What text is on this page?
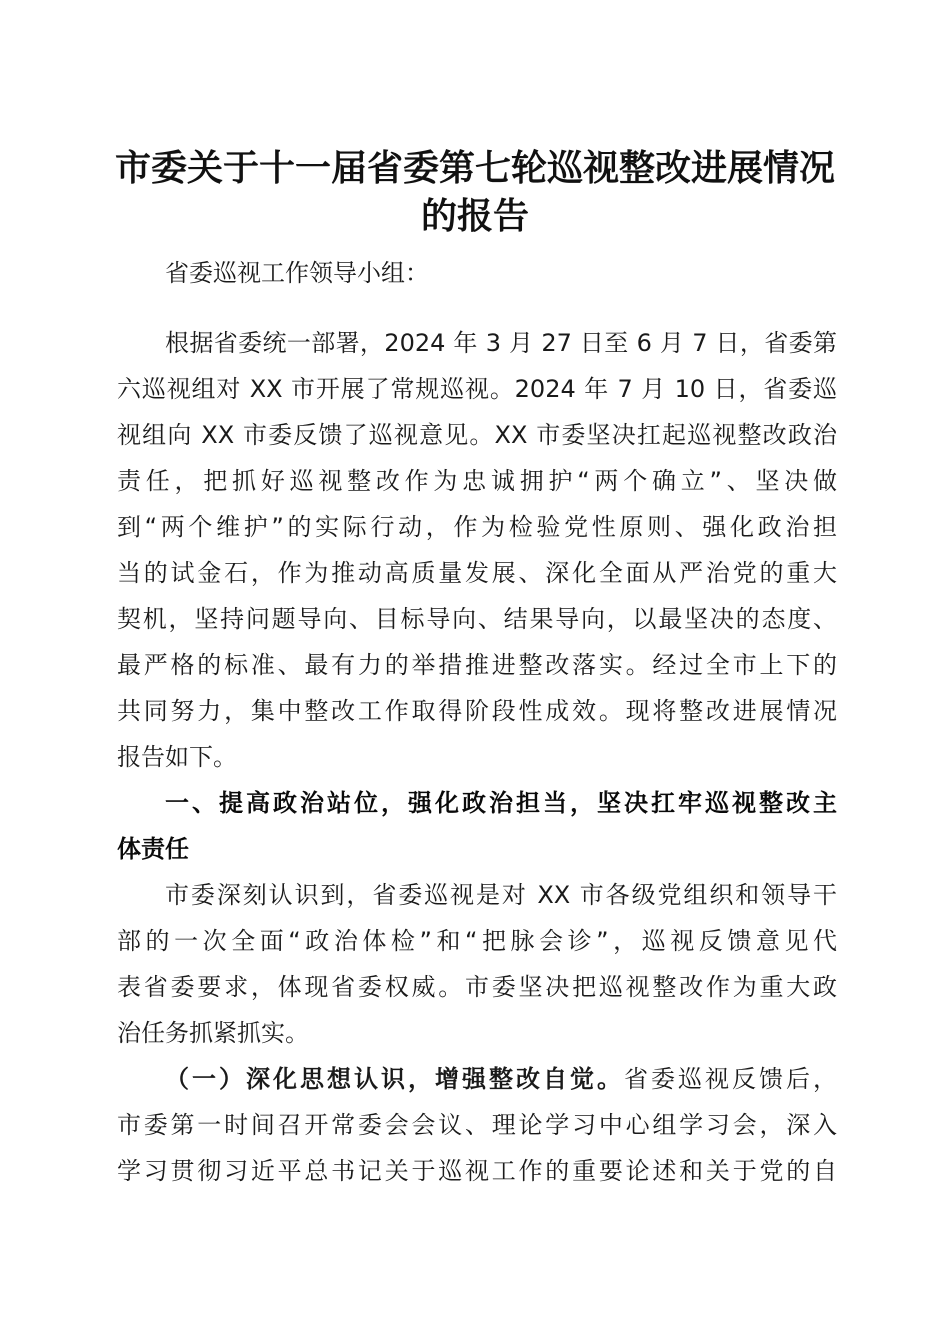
市委关于十一届省委第七轮巡视整改进展情况
的报告
省委巡视工作领导小组：
根据省委统一部署，2024 年 3 月 27 日至 6 月 7 日，省委第
六巡视组对 XX 市开展了常规巡视。2024 年 7 月 10 日，省委巡
视组向 XX 市委反馈了巡视意见。XX 市委坚决扛起巡视整改政治
责任，把抓好巡视整改作为忠诚拥护“两个确立”、坚决做
到“两个维护”的实际行动，作为检验党性原则、强化政治担
当的试金石，作为推动高质量发展、深化全面从严治党的重大
契机，坚持问题导向、目标导向、结果导向，以最坚决的态度、
最严格的标准、最有力的举措推进整改落实。经过全市上下的
共同努力，集中整改工作取得阶段性成效。现将整改进展情况
报告如下。
一、提高政治站位，强化政治担当，坚决扛牢巡视整改主
体责任
市委深刻认识到，省委巡视是对 XX 市各级党组织和领导干
部的一次全面“政治体检”和“把脉会诊”，巡视反馈意见代
表省委要求，体现省委权威。市委坚决把巡视整改作为重大政
治任务抓紧抓实。
（一）深化思想认识，增强整改自觉。省委巡视反馈后，
市委第一时间召开常委会会议、理论学习中心组学习会，深入
学习贯彻习近平总书记关于巡视工作的重要论述和关于党的自
